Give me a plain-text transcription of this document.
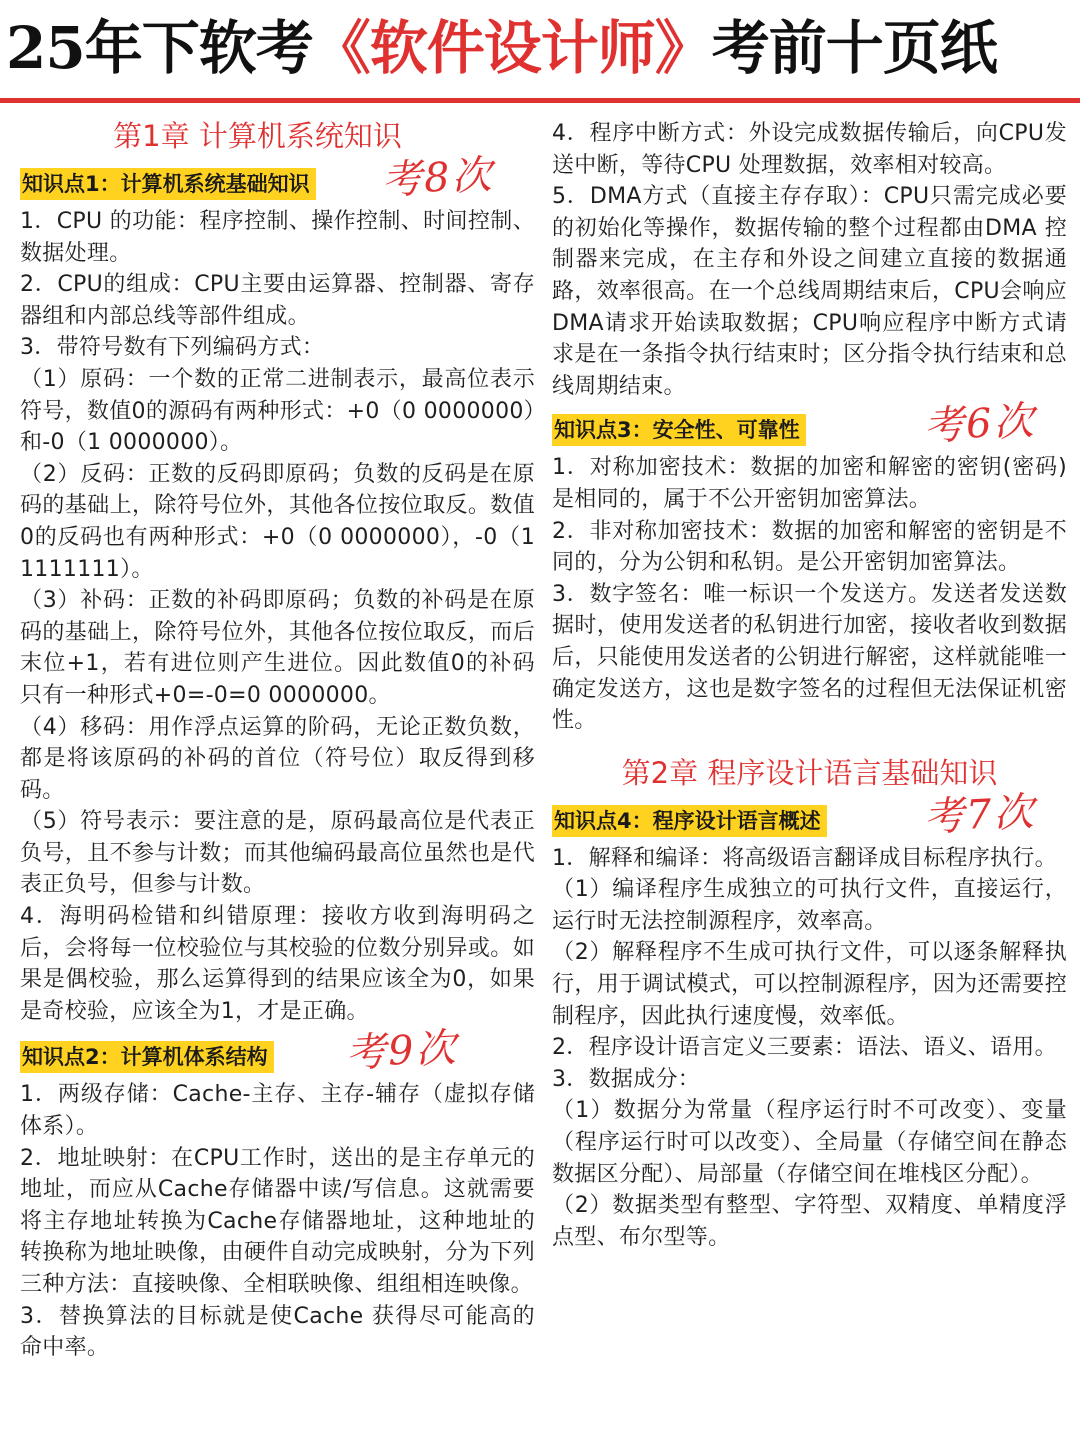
25年下软考《软件设计师》考前十页纸
第1章 计算机系统知识
知识点1：计算机系统基础知识 考8次

1．CPU 的功能：程序控制、操作控制、时间控制、数据处理。

2．CPU的组成：CPU主要由运算器、控制器、寄存器组和内部总线等部件组成。

3．带符号数有下列编码方式：

（1）原码：一个数的正常二进制表示，最高位表示符号，数值0的源码有两种形式：+0（0 0000000）和-0（1 0000000）。

（2）反码：正数的反码即原码；负数的反码是在原码的基础上，除符号位外，其他各位按位取反。数值0的反码也有两种形式：+0（0 0000000），-0（1 1111111）。

（3）补码：正数的补码即原码；负数的补码是在原码的基础上，除符号位外，其他各位按位取反，而后末位+1，若有进位则产生进位。因此数值0的补码只有一种形式+0=-0=0 0000000。

（4）移码：用作浮点运算的阶码，无论正数负数，都是将该原码的补码的首位（符号位）取反得到移码。

（5）符号表示：要注意的是，原码最高位是代表正负号，且不参与计数；而其他编码最高位虽然也是代表正负号，但参与计数。

4．海明码检错和纠错原理：接收方收到海明码之后，会将每一位校验位与其校验的位数分别异或。如果是偶校验，那么运算得到的结果应该全为0，如果是奇校验，应该全为1，才是正确。

知识点2：计算机体系结构 考9次

1．两级存储：Cache-主存、主存-辅存（虚拟存储体系）。

2．地址映射：在CPU工作时，送出的是主存单元的地址，而应从Cache存储器中读/写信息。这就需要将主存地址转换为Cache存储器地址，这种地址的转换称为地址映像，由硬件自动完成映射，分为下列三种方法：直接映像、全相联映像、组组相连映像。

3．替换算法的目标就是使Cache 获得尽可能高的命中率。

4．程序中断方式：外设完成数据传输后，向CPU发送中断，等待CPU 处理数据，效率相对较高。

5．DMA方式（直接主存存取）：CPU只需完成必要的初始化等操作，数据传输的整个过程都由DMA 控制器来完成，在主存和外设之间建立直接的数据通路，效率很高。在一个总线周期结束后，CPU会响应DMA请求开始读取数据；CPU响应程序中断方式请求是在一条指令执行结束时；区分指令执行结束和总线周期结束。

知识点3：安全性、可靠性	考6次

1．对称加密技术：数据的加密和解密的密钥(密码)是相同的，属于不公开密钥加密算法。

2．非对称加密技术：数据的加密和解密的密钥是不同的，分为公钥和私钥。是公开密钥加密算法。

3．数字签名：唯一标识一个发送方。发送者发送数据时，使用发送者的私钥进行加密，接收者收到数据后，只能使用发送者的公钥进行解密，这样就能唯一确定发送方，这也是数字签名的过程但无法保证机密性。

第2章 程序设计语言基础知识
知识点4：程序设计语言概述	考7次

1．解释和编译：将高级语言翻译成目标程序执行。

（1）编译程序生成独立的可执行文件，直接运行，运行时无法控制源程序，效率高。

（2）解释程序不生成可执行文件，可以逐条解释执行，用于调试模式，可以控制源程序，因为还需要控制程序，因此执行速度慢，效率低。

2．程序设计语言定义三要素：语法、语义、语用。

3．数据成分：

（1）数据分为常量（程序运行时不可改变）、变量（程序运行时可以改变）、全局量（存储空间在静态数据区分配）、局部量（存储空间在堆栈区分配）。

（2）数据类型有整型、字符型、双精度、单精度浮点型、布尔型等。
